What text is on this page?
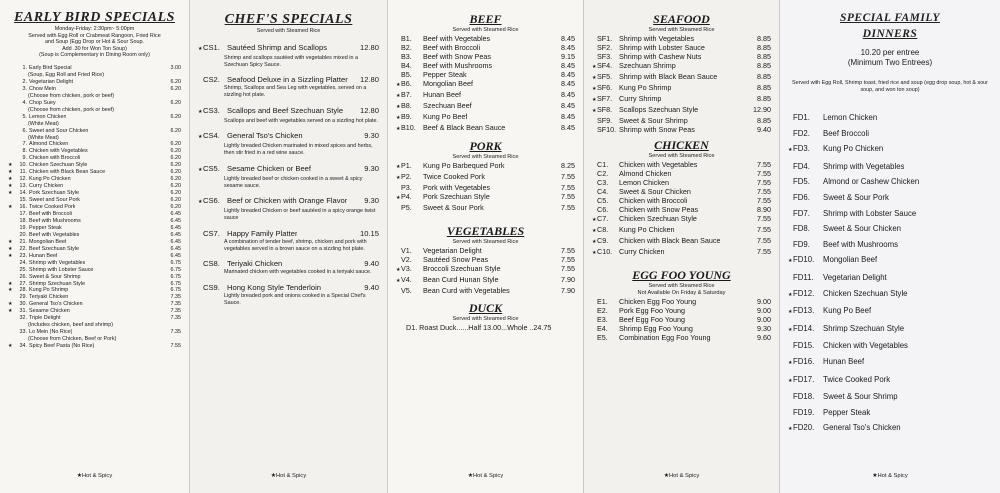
EARLY BIRD SPECIALS
Monday-Friday: 2:30pm~ 5:00pm
Served with Egg Roll or Crabmeat Rangoon, Fried Rice
and Soup (Egg Drop or Hot & Sour Soup.
Add .30 for Won Ton Soup)
(Soup is Complementary in Dining Room only)
1. Early Bird Special	3.00
(Soup, Egg Roll and Fried Rice)
2. Vegetarian Delight	6.20
3. Chow Mein	6.20
(Choose from chicken, pork or beef)
4. Chop Suey	6.20
(Choose from chicken, pork or beef)
5. Lemon Chicken	6.20
(White Meat)
6. Sweet and Sour Chicken	6.20
(White Meat)
7. Almond Chicken	6.20
8. Chicken with Vegetables	6.20
9. Chicken with Broccoli	6.20
★	10. Chicken Szechuan Style	6.20
★	11. Chicken with Black Bean Sauce	6.20
★	12. Kung Po Chicken	6.20
★	13. Curry Chicken	6.20
★	14. Pork Szechuan Style	6.20
15. Sweet and Sour Pork	6.20
★	16. Twice Cooked Pork	6.20
17. Beef with Broccoli	6.45
18. Beef with Mushrooms	6.45
19. Pepper Steak	6.45
20. Beef with Vegetables	6.45
★	21. Mongolian Beef	6.45
★	22. Beef Szechuan Style	6.45
★	23. Hunan Beef	6.45
24. Shrimp with Vegetables	6.75
25. Shrimp with Lobster Sauce	6.75
26. Sweet & Sour Shrimp	6.75
★	27. Shrimp Szechuan Style	6.75
★	28. Kung Po Shrimp	6.75
29. Teriyaki Chicken	7.35
★	30. General Tso's Chicken	7.35
★	31. Sesame Chicken	7.35
32. Triple Delight	7.35
(Includes chicken, beef and shrimp)
33. Lo Mein (No Rice)	7.35
(Choose from Chicken, Beef or Pork)
★	34. Spicy Beef Pasta (No Rice)	7.55
★Hot & Spicy
CHEF'S SPECIALS
Served with Steamed Rice
★ CS1. Sautéed Shrimp and Scallops	12.80
Shrimp and scallops sautéed with vegetables mixed in a Szechuan Spicy Sauce.
CS2. Seafood Deluxe in a Sizzling Platter 12.80
Shrimp, Scallops and Sea Leg with vegetables, served on a sizzling hot plate.
★ CS3. Scallops and Beef Szechuan Style 12.80
Scallops and beef with vegetables served on a sizzling hot plate.
★ CS4. General Tso's Chicken	9.30
Lightly breaded Chicken marinated in mixed spices and herbs, then stir fried in a red wine sauce.
★ CS5. Sesame Chicken or Beef	9.30
Lightly breaded beef or chicken cooked in a sweet & spicy sesame sauce.
★ CS6. Beef or Chicken with Orange Flavor 9.30
Lightly breaded Chicken or beef sautéed in a spicy orange twist sauce
CS7. Happy Family Platter	10.15
A combination of tender beef, shrimp, chicken and pork with vegetables served in a brown sauce on a sizzling hot plate.
CS8. Teriyaki Chicken	9.40
Marinated chicken with vegetables cooked in a teriyaki sauce.
CS9. Hong Kong Style Tenderloin	9.40
Lightly breaded pork and onions cooked in a Special Chef's Sauce.
★Hot & Spicy
BEEF
Served with Steamed Rice
B1.	Beef with Vegetables	8.45
B2.	Beef with Broccoli	8.45
B3.	Beef with Snow Peas	9.15
B4.	Beef with Mushrooms	8.45
B5.	Pepper Steak	8.45
★ B6.	Mongolian Beef	8.45
★ B7.	Hunan Beef	8.45
★ B8.	Szechuan Beef	8.45
★ B9.	Kung Po Beef	8.45
★ B10.	Beef & Black Bean Sauce	8.45
PORK
Served with Steamed Rice
★ P1.	Kung Po Barbequed Pork	8.25
★ P2.	Twice Cooked Pork	7.55
P3.	Pork with Vegetables	7.55
★ P4.	Pork Szechuan Style	7.55
P5.	Sweet & Sour Pork	7.55
VEGETABLES
Served with Steamed Rice
V1.	Vegetarian Delight	7.55
V2.	Sautéed Snow Peas	7.55
★ V3.	Broccoli Szechuan Style	7.55
★ V4.	Bean Curd Hunan Style	7.90
V5.	Bean Curd with Vegetables	7.90
DUCK
Served with Steamed Rice
D1. Roast Duck......Half 13.00...Whole ..24.75
★Hot & Spicy
SEAFOOD
Served with Steamed Rice
SF1. Shrimp with Vegetables	8.85
SF2. Shrimp with Lobster Sauce	8.85
SF3. Shrimp with Cashew Nuts	8.85
★ SF4. Szechuan Shrimp	8.85
★ SF5. Shrimp with Black Bean Sauce	8.85
★ SF6. Kung Po Shrimp	8.85
★ SF7. Curry Shrimp	8.85
★ SF8. Scallops Szechuan Style	12.90
SF9. Sweet & Sour Shrimp	8.85
SF10. Shrimp with Snow Peas	9.40
CHICKEN
Served with Steamed Rice
C1.	Chicken with Vegetables	7.55
C2.	Almond Chicken	7.55
C3.	Lemon Chicken	7.55
C4.	Sweet & Sour Chicken	7.55
C5.	Chicken with Broccoli	7.55
C6.	Chicken with Snow Peas	8.90
★ C7.	Chicken Szechuan Style	7.55
★ C8.	Kung Po Chicken	7.55
★ C9.	Chicken with Black Bean Sauce	7.55
★ C10. Curry Chicken	7.55
EGG FOO YOUNG
Served with Steamed Rice
Not Available On Friday & Saturday
E1.	Chicken Egg Foo Young	9.00
E2.	Pork Egg Foo Young	9.00
E3.	Beef Egg Foo Young	9.00
E4.	Shrimp Egg Foo Young	9.30
E5.	Combination Egg Foo Young	9.60
★Hot & Spicy
SPECIAL FAMILY
DINNERS
10.20 per entree
(Minimum Two Entrees)
Served with Egg Roll, Shrimp toast, fried rice and soup (egg drop soup, hot & sour soup, and won ton soup)
FD1.	Lemon Chicken
FD2.	Beef Broccoli
★ FD3.	Kung Po Chicken
FD4.	Shrimp with Vegetables
FD5.	Almond or Cashew Chicken
FD6.	Sweet & Sour Pork
FD7.	Shrimp with Lobster Sauce
FD8.	Sweet & Sour Chicken
FD9.	Beef with Mushrooms
★ FD10.	Mongolian Beef
FD11.	Vegetarian Delight
★ FD12.	Chicken Szechuan Style
★ FD13.	Kung Po Beef
★ FD14.	Shrimp Szechuan Style
FD15.	Chicken with Vegetables
★ FD16.	Hunan Beef
★ FD17.	Twice Cooked Pork
FD18.	Sweet & Sour Shrimp
FD19.	Pepper Steak
★ FD20.	General Tso's Chicken
★Hot & Spicy
